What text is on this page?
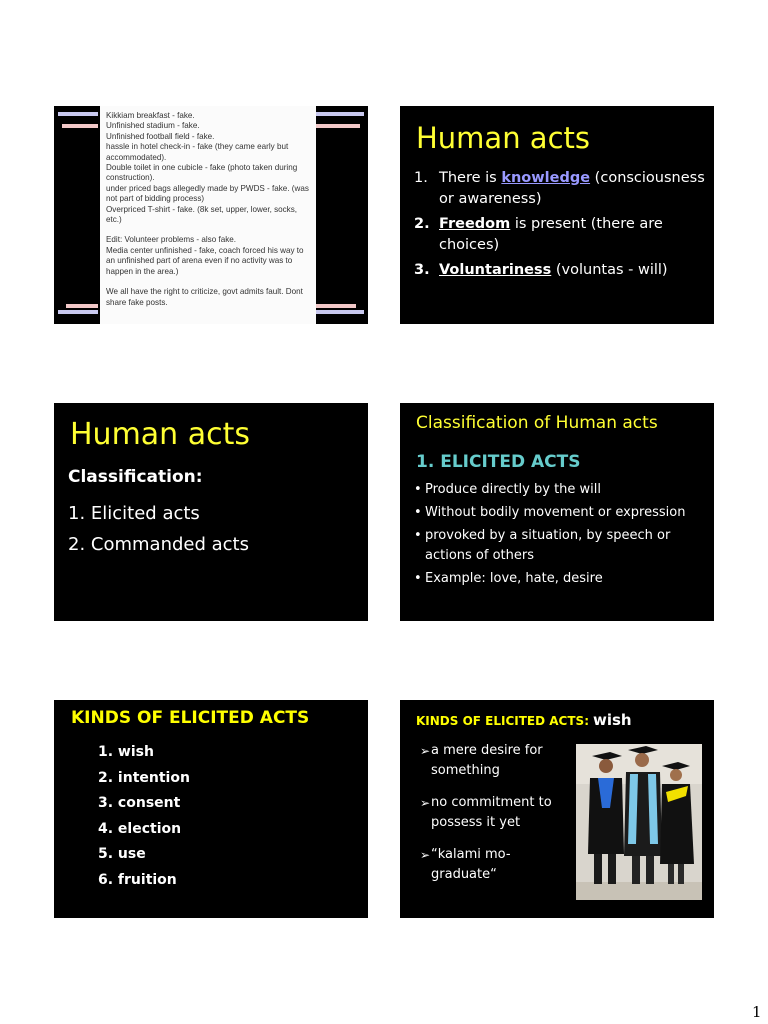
Kikkiam breakfast - fake.

Unfinished stadium - fake.

Unfinished football field - fake.

hassle in hotel check-in - fake (they came early but accommodated).

Double toilet in one cubicle - fake (photo taken during construction).

under priced bags allegedly made by PWDS - fake. (was not part of bidding process)

Overpriced T-shirt - fake. (8k set, upper, lower, socks, etc.)

Edit: Volunteer problems - also fake.

Media center unfinished - fake, coach forced his way to an unfinished part of arena even if no activity was to happen in the area.)

We all have the right to criticize, govt admits fault. Dont share fake posts.

Human acts
1. There is knowledge (consciousness or awareness)
2. Freedom is present (there are choices)
3. Voluntariness (voluntas - will)
Human acts
Classification:
1. Elicited acts
2. Commanded acts
Classification of Human acts
1. ELICITED ACTS
• Produce directly by the will
• Without bodily movement or expression
• provoked by a situation, by speech or actions of others
• Example: love, hate, desire
KINDS OF ELICITED ACTS
1. wish
2. intention
3. consent
4. election
5. use
6. fruition
KINDS OF ELICITED ACTS: wish
➢ a mere desire for something
➢ no commitment to possess it yet
➢ “kalami mo-graduate“
1
